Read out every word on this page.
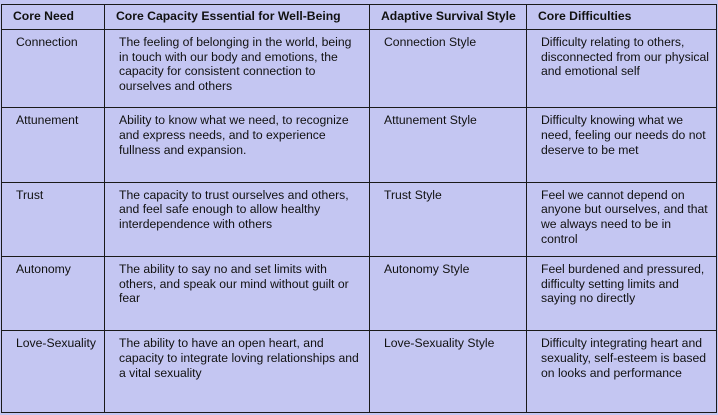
Core Need	Core Capacity Essential for Well-Being	Adaptive Survival Style	Core Difficulties
Connection	The feeling of belonging in the world, being in touch with our body and emotions, the capacity for consistent connection to ourselves and others	Connection Style	Difficulty relating to others, disconnected from our physical and emotional self
Attunement	Ability to know what we need, to recognize and express needs, and to experience fullness and expansion.	Attunement Style	Difficulty knowing what we need, feeling our needs do not deserve to be met
Trust	The capacity to trust ourselves and others, and feel safe enough to allow healthy interdependence with others	Trust Style	Feel we cannot depend on anyone but ourselves, and that we always need to be in control
Autonomy	The ability to say no and set limits with others, and speak our mind without guilt or fear	Autonomy Style	Feel burdened and pressured, difficulty setting limits and saying no directly
Love-Sexuality	The ability to have an open heart, and capacity to integrate loving relationships and a vital sexuality	Love-Sexuality Style	Difficulty integrating heart and sexuality, self-esteem is based on looks and performance
